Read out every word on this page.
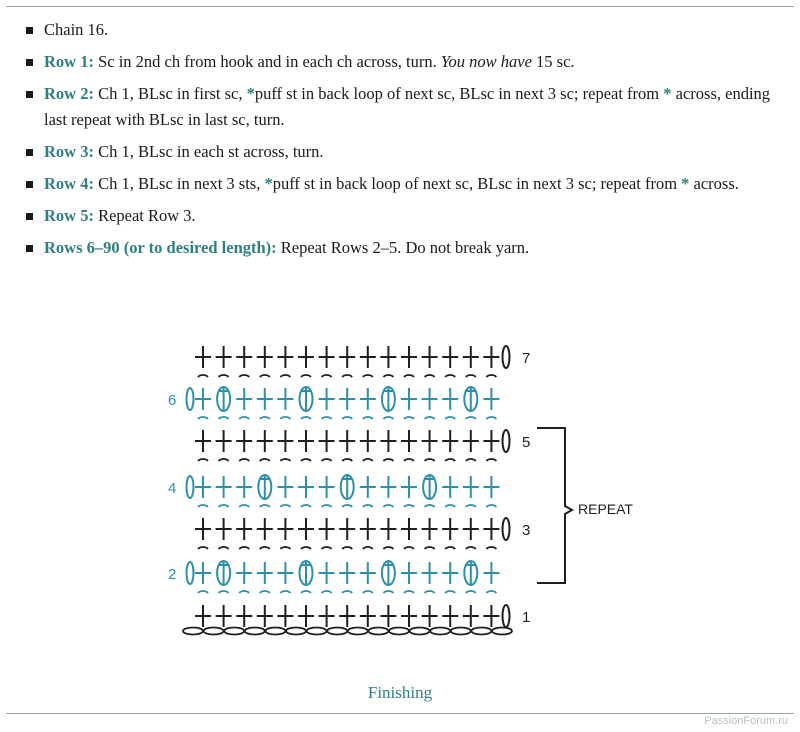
Chain 16.
Row 1: Sc in 2nd ch from hook and in each ch across, turn. You now have 15 sc.
Row 2: Ch 1, BLsc in first sc, *puff st in back loop of next sc, BLsc in next 3 sc; repeat from * across, ending last repeat with BLsc in last sc, turn.
Row 3: Ch 1, BLsc in each st across, turn.
Row 4: Ch 1, BLsc in next 3 sts, *puff st in back loop of next sc, BLsc in next 3 sc; repeat from * across.
Row 5: Repeat Row 3.
Rows 6–90 (or to desired length): Repeat Rows 2–5. Do not break yarn.
7
6
5
4
3
2
1
REPEAT
Finishing
PassionForum.ru
